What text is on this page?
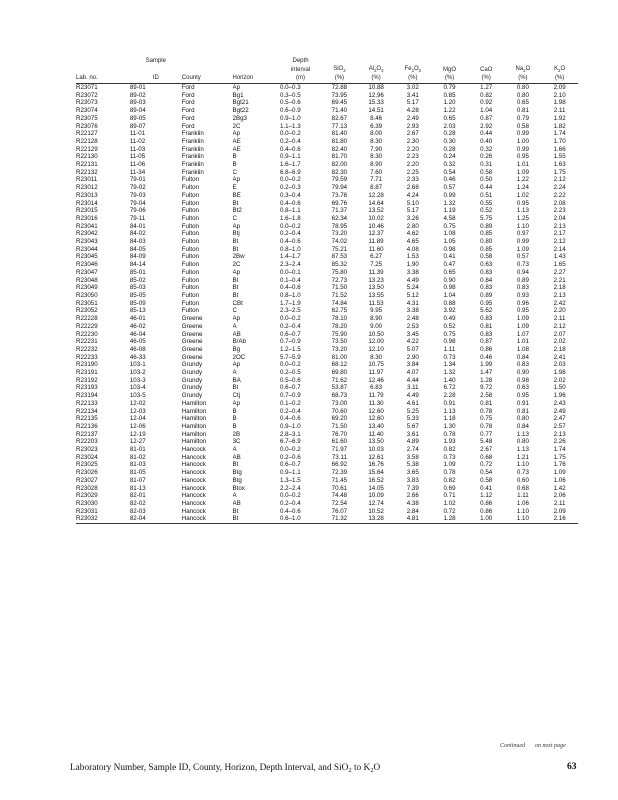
	Sample			Depth							
				interval	SiO$_2$	$Al_2O_3$	$Fe_2O_3$	MgO	CaO	$Na_2O$	$K_2O$
Lab. no.	ID	County	Horizon	(m)	(%)	(%)	(%)	(%)	(%)	(%)	(%)
R23071	89-01	Ford	Ap	0.0–0.3	72.88	10.88	3.02	0.79	1.27	0.80	2.09
R23072	89-02	Ford	Bg1	0.3–0.5	73.95	12.96	3.41	0.85	0.82	0.80	2.10
R23073	89-03	Ford	Bgt21	0.5–0.6	69.45	15.33	5.17	1.20	0.92	0.65	1.98
R23074	89-04	Ford	Bgt22	0.6–0.9	71.40	14.51	4.28	1.22	1.04	0.81	2.11
R23075	89-05	Ford	2Bg3	0.9–1.0	82.67	8.46	2.49	0.65	0.87	0.79	1.92
R23076	89-07	Ford	2C	1.1–1.3	77.13	6.39	2.93	2.03	2.92	0.58	1.82
R22127	11-01	Franklin	Ap	0.0–0.2	81.40	8.00	2.67	0.28	0.44	0.99	1.74
R22128	11-02	Franklin	AE	0.2–0.4	81.80	8.30	2.30	0.30	0.40	1.00	1.70
R22129	11-03	Franklin	AE	0.4–0.6	82.40	7.90	2.20	0.28	0.32	0.99	1.66
R22130	11-05	Franklin	B	0.9–1.1	81.70	8.30	2.23	0.24	0.26	0.95	1.55
R22131	11-06	Franklin	B	1.6–1.7	82.00	8.90	2.20	0.32	0.31	1.01	1.63
R22132	11-34	Franklin	C	6.8–6.9	82.30	7.60	2.25	0.54	0.58	1.09	1.75
R23011	79-01	Fulton	Ap	0.0–0.2	79.59	7.71	2.33	0.46	0.50	1.22	2.12
R23012	79-02	Fulton	E	0.2–0.3	79.94	8.87	2.68	0.57	0.44	1.24	2.24
R23013	79-03	Fulton	BE	0.3–0.4	73.78	12.28	4.24	0.99	0.51	1.02	2.22
R23014	79-04	Fulton	Bt	0.4–0.6	69.76	14.64	5.10	1.32	0.55	0.95	2.08
R23015	79-06	Fulton	Bt2	0.8–1.1	71.37	13.52	5.17	1.19	0.52	1.13	2.23
R23016	79-11	Fulton	C	1.6–1.8	62.34	10.02	3.26	4.58	5.75	1.25	2.04
R23041	84-01	Fulton	Ap	0.0–0.2	78.95	10.46	2.80	0.75	0.89	1.10	2.13
R23042	84-02	Fulton	Btj	0.2–0.4	73.20	12.37	4.62	1.08	0.85	0.97	2.17
R23043	84-03	Fulton	Bt	0.4–0.6	74.02	11.89	4.65	1.05	0.80	0.99	2.12
R23044	84-05	Fulton	Bt	0.8–1.0	75.21	11.60	4.08	0.98	0.85	1.09	2.14
R23045	84-09	Fulton	2Bw	1.4–1.7	87.53	6.27	1.53	0.41	0.58	0.57	1.43
R23046	84-14	Fulton	2C	2.3–2.4	85.32	7.25	1.90	0.47	0.63	0.73	1.65
R23047	85-01	Fulton	Ap	0.0–0.1	75.80	11.39	3.38	0.65	0.83	0.94	2.27
R23048	85-02	Fulton	Bt	0.1–0.4	72.73	13.23	4.49	0.90	0.84	0.89	2.21
R23049	85-03	Fulton	Bt	0.4–0.6	71.50	13.50	5.24	0.98	0.83	0.83	2.18
R23050	85-05	Fulton	Bt	0.8–1.0	71.52	13.55	5.12	1.04	0.89	0.93	2.13
R23051	85-09	Fulton	CBt	1.7–1.9	74.84	11.53	4.31	0.88	0.95	0.96	2.42
R23052	85-13	Fulton	C	2.3–2.5	62.75	9.95	3.38	3.92	5.62	0.95	2.20
R22228	46-01	Greene	Ap	0.0–0.2	78.10	8.90	2.48	0.49	0.83	1.09	2.11
R22229	46-02	Greene	A	0.2–0.4	78.20	9.00	2.53	0.52	0.81	1.09	2.12
R22230	46-04	Greene	AB	0.6–0.7	75.90	10.50	3.45	0.75	0.83	1.07	2.07
R22231	46-05	Greene	B/Ab	0.7–0.9	73.50	12.00	4.22	0.98	0.87	1.01	2.02
R22232	46-08	Greene	Bg	1.2–1.5	73.20	12.10	5.07	1.11	0.86	1.08	2.18
R22233	46-33	Greene	2OC	5.7–5.9	81.00	8.30	2.90	0.73	0.46	0.84	2.41
R23190	103-1	Grundy	Ap	0.0–0.2	68.12	10.75	3.84	1.34	1.99	0.83	2.03
R23191	103-2	Grundy	A	0.2–0.5	69.80	11.97	4.07	1.32	1.47	0.90	1.98
R23192	103-3	Grundy	BA	0.5–0.6	71.62	12.46	4.44	1.40	1.28	0.98	2.02
R23193	103-4	Grundy	Bt	0.6–0.7	53.87	6.83	3.11	6.72	9.72	0.63	1.50
R23194	103-5	Grundy	Ctj	0.7–0.9	68.73	11.79	4.49	2.28	2.58	0.95	1.96
R22133	12-02	Hamilton	Ap	0.1–0.2	73.00	11.30	4.61	0.91	0.81	0.91	2.43
R22134	12-03	Hamilton	B	0.2–0.4	70.60	12.60	5.25	1.13	0.78	0.81	2.49
R22135	12-04	Hamilton	B	0.4–0.6	69.20	12.60	5.33	1.18	0.75	0.80	2.47
R22136	12-06	Hamilton	B	0.9–1.0	71.50	13.40	5.67	1.30	0.78	0.84	2.57
R22137	12-19	Hamilton	2B	2.8–3.1	76.70	11.40	3.61	0.78	0.77	1.13	2.13
R22203	12-27	Hamilton	3C	6.7–6.9	61.60	13.50	4.89	1.93	5.48	0.80	2.26
R23023	81-01	Hancock	A	0.0–0.2	71.97	10.03	2.74	0.82	2.67	1.13	1.74
R23024	81-02	Hancock	AB	0.2–0.6	73.11	12.61	3.58	0.73	0.68	1.21	1.75
R23025	81-03	Hancock	Bt	0.6–0.7	66.92	16.76	5.38	1.09	0.72	1.10	1.76
R23026	81-05	Hancock	Btg	0.9–1.1	72.39	15.64	3.65	0.78	0.54	0.73	1.09
R23027	81-07	Hancock	Btg	1.3–1.5	71.45	16.52	3.83	0.82	0.58	0.60	1.06
R23028	81-13	Hancock	Btox	2.2–2.4	70.61	14.05	7.39	0.69	0.41	0.68	1.42
R23029	82-01	Hancock	A	0.0–0.2	74.48	10.09	2.66	0.71	1.12	1.11	2.06
R23030	82-02	Hancock	AB	0.2–0.4	72.54	12.74	4.38	1.02	0.86	1.06	2.11
R23031	82-03	Hancock	Bt	0.4–0.6	76.07	10.52	2.84	0.72	0.86	1.10	2.09
R23032	82-04	Hancock	Bt	0.6–1.0	71.32	13.28	4.81	1.28	1.00	1.10	2.16
Continued on next page
Laboratory Number, Sample ID, County, Horizon, Depth Interval, and SiO$_2$ to $K_2O$	63
